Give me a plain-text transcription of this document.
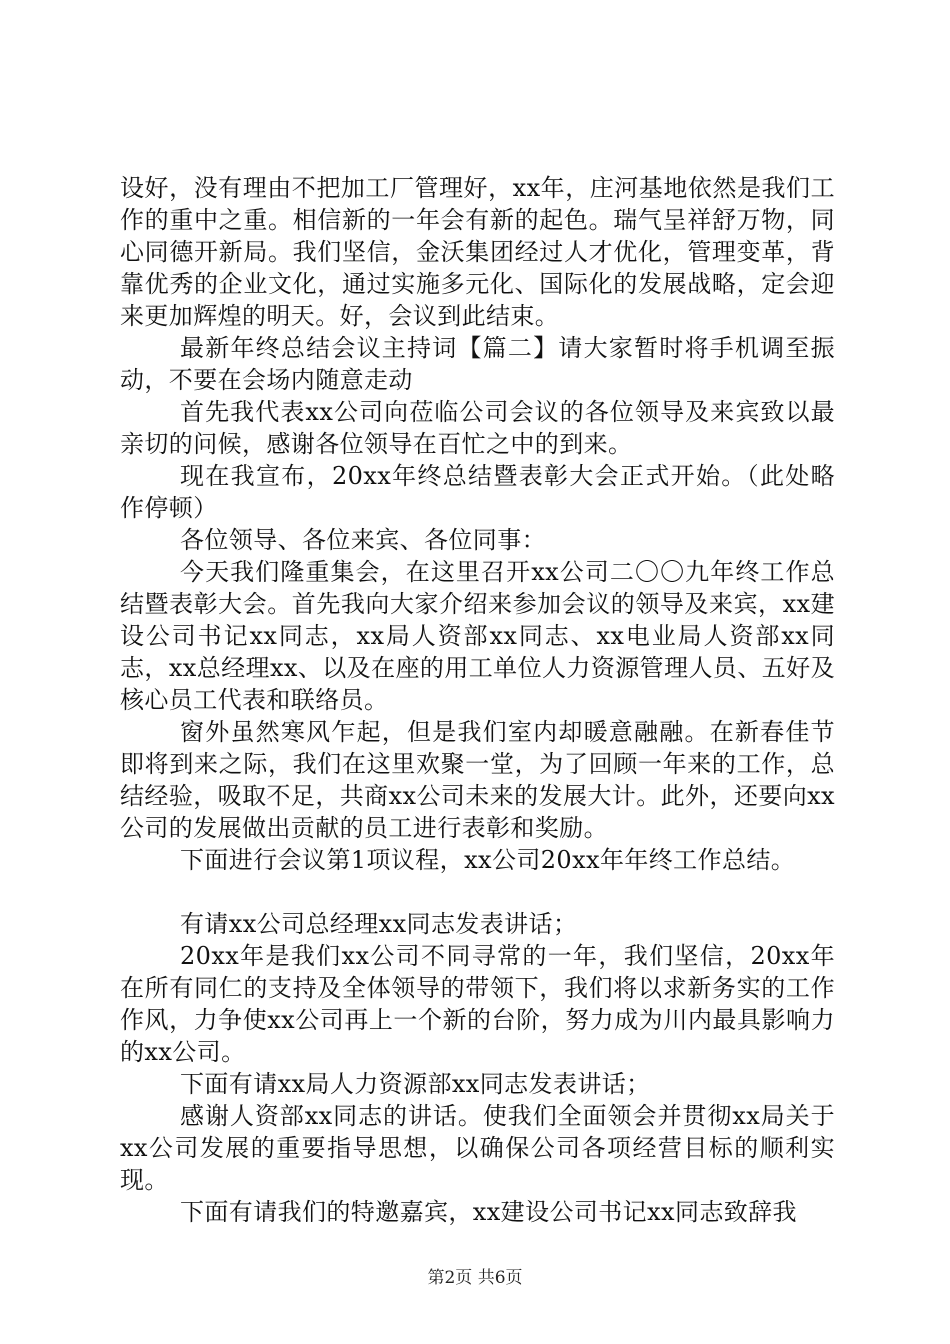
设好，没有理由不把加工厂管理好，xx年，庄河基地依然是我们工作的重中之重。相信新的一年会有新的起色。瑞气呈祥舒万物，同心同德开新局。我们坚信，金沃集团经过人才优化，管理变革，背靠优秀的企业文化，通过实施多元化、国际化的发展战略，定会迎来更加辉煌的明天。好，会议到此结束。

最新年终总结会议主持词【篇二】请大家暂时将手机调至振动，不要在会场内随意走动

首先我代表xx公司向莅临公司会议的各位领导及来宾致以最亲切的问候，感谢各位领导在百忙之中的到来。

现在我宣布，20xx年终总结暨表彰大会正式开始。（此处略作停顿）

各位领导、各位来宾、各位同事：

今天我们隆重集会，在这里召开xx公司二〇〇九年终工作总结暨表彰大会。首先我向大家介绍来参加会议的领导及来宾，xx建设公司书记xx同志，xx局人资部xx同志、xx电业局人资部xx同志，xx总经理xx、以及在座的用工单位人力资源管理人员、五好及核心员工代表和联络员。

窗外虽然寒风乍起，但是我们室内却暖意融融。在新春佳节即将到来之际，我们在这里欢聚一堂，为了回顾一年来的工作，总结经验，吸取不足，共商xx公司未来的发展大计。此外，还要向xx公司的发展做出贡献的员工进行表彰和奖励。

下面进行会议第1项议程，xx公司20xx年年终工作总结。

有请xx公司总经理xx同志发表讲话；

20xx年是我们xx公司不同寻常的一年，我们坚信，20xx年在所有同仁的支持及全体领导的带领下，我们将以求新务实的工作作风，力争使xx公司再上一个新的台阶，努力成为川内最具影响力的xx公司。

下面有请xx局人力资源部xx同志发表讲话；

感谢人资部xx同志的讲话。使我们全面领会并贯彻xx局关于xx公司发展的重要指导思想，以确保公司各项经营目标的顺利实现。

下面有请我们的特邀嘉宾，xx建设公司书记xx同志致辞我

第2页 共6页
